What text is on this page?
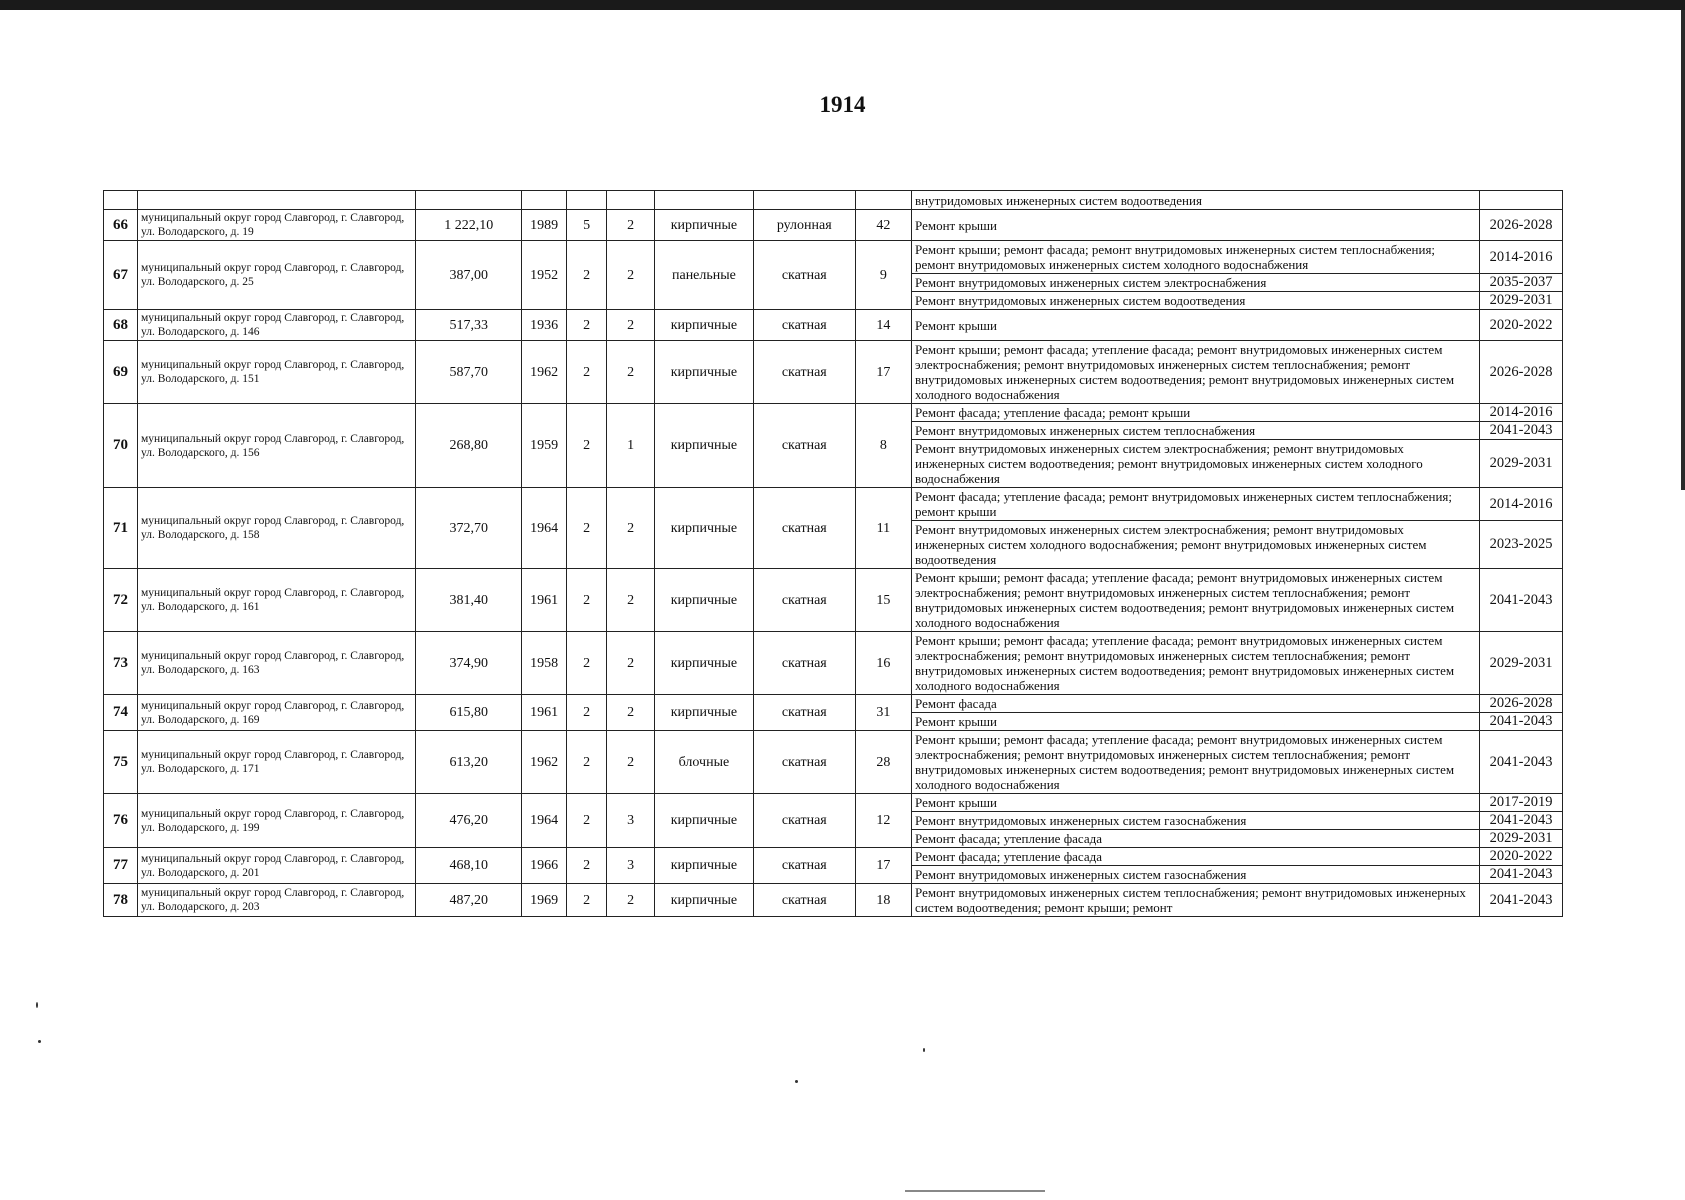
1914
									внутридомовых инженерных систем водоотведения	
66	муниципальный округ город Славгород, г. Славгород, ул. Володарского, д. 19	1 222,10	1989	5	2	кирпичные	рулонная	42	Ремонт крыши	2026-2028
67	муниципальный округ город Славгород, г. Славгород, ул. Володарского, д. 25	387,00	1952	2	2	панельные	скатная	9	Ремонт крыши; ремонт фасада; ремонт внутридомовых инженерных систем теплоснабжения; ремонт внутридомовых инженерных систем холодного водоснабжения	2014-2016
									Ремонт внутридомовых инженерных систем электроснабжения	2035-2037
									Ремонт внутридомовых инженерных систем водоотведения	2029-2031
68	муниципальный округ город Славгород, г. Славгород, ул. Володарского, д. 146	517,33	1936	2	2	кирпичные	скатная	14	Ремонт крыши	2020-2022
69	муниципальный округ город Славгород, г. Славгород, ул. Володарского, д. 151	587,70	1962	2	2	кирпичные	скатная	17	Ремонт крыши; ремонт фасада; утепление фасада; ремонт внутридомовых инженерных систем электроснабжения; ремонт внутридомовых инженерных систем теплоснабжения; ремонт внутридомовых инженерных систем водоотведения; ремонт внутридомовых инженерных систем холодного водоснабжения	2026-2028
70	муниципальный округ город Славгород, г. Славгород, ул. Володарского, д. 156	268,80	1959	2	1	кирпичные	скатная	8	Ремонт фасада; утепление фасада; ремонт крыши	2014-2016
									Ремонт внутридомовых инженерных систем теплоснабжения	2041-2043
									Ремонт внутридомовых инженерных систем электроснабжения; ремонт внутридомовых инженерных систем водоотведения; ремонт внутридомовых инженерных систем холодного водоснабжения	2029-2031
71	муниципальный округ город Славгород, г. Славгород, ул. Володарского, д. 158	372,70	1964	2	2	кирпичные	скатная	11	Ремонт фасада; утепление фасада; ремонт внутридомовых инженерных систем теплоснабжения; ремонт крыши	2014-2016
									Ремонт внутридомовых инженерных систем электроснабжения; ремонт внутридомовых инженерных систем холодного водоснабжения; ремонт внутридомовых инженерных систем водоотведения	2023-2025
72	муниципальный округ город Славгород, г. Славгород, ул. Володарского, д. 161	381,40	1961	2	2	кирпичные	скатная	15	Ремонт крыши; ремонт фасада; утепление фасада; ремонт внутридомовых инженерных систем электроснабжения; ремонт внутридомовых инженерных систем теплоснабжения; ремонт внутридомовых инженерных систем водоотведения; ремонт внутридомовых инженерных систем холодного водоснабжения	2041-2043
73	муниципальный округ город Славгород, г. Славгород, ул. Володарского, д. 163	374,90	1958	2	2	кирпичные	скатная	16	Ремонт крыши; ремонт фасада; утепление фасада; ремонт внутридомовых инженерных систем электроснабжения; ремонт внутридомовых инженерных систем теплоснабжения; ремонт внутридомовых инженерных систем водоотведения; ремонт внутридомовых инженерных систем холодного водоснабжения	2029-2031
74	муниципальный округ город Славгород, г. Славгород, ул. Володарского, д. 169	615,80	1961	2	2	кирпичные	скатная	31	Ремонт фасада	2026-2028
									Ремонт крыши	2041-2043
75	муниципальный округ город Славгород, г. Славгород, ул. Володарского, д. 171	613,20	1962	2	2	блочные	скатная	28	Ремонт крыши; ремонт фасада; утепление фасада; ремонт внутридомовых инженерных систем электроснабжения; ремонт внутридомовых инженерных систем теплоснабжения; ремонт внутридомовых инженерных систем водоотведения; ремонт внутридомовых инженерных систем холодного водоснабжения	2041-2043
76	муниципальный округ город Славгород, г. Славгород, ул. Володарского, д. 199	476,20	1964	2	3	кирпичные	скатная	12	Ремонт крыши	2017-2019
									Ремонт внутридомовых инженерных систем газоснабжения	2041-2043
									Ремонт фасада; утепление фасада	2029-2031
77	муниципальный округ город Славгород, г. Славгород, ул. Володарского, д. 201	468,10	1966	2	3	кирпичные	скатная	17	Ремонт фасада; утепление фасада	2020-2022
									Ремонт внутридомовых инженерных систем газоснабжения	2041-2043
78	муниципальный округ город Славгород, г. Славгород, ул. Володарского, д. 203	487,20	1969	2	2	кирпичные	скатная	18	Ремонт внутридомовых инженерных систем теплоснабжения; ремонт внутридомовых инженерных систем водоотведения; ремонт крыши; ремонт	2041-2043
